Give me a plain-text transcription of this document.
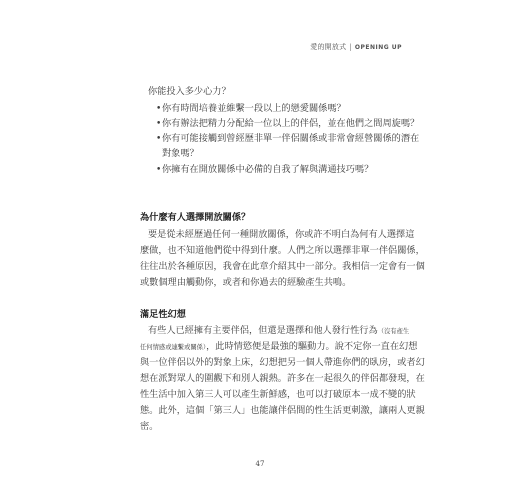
愛的開放式 | OPENING UP
你能投入多少心力？
•你有時間培養並維繫一段以上的戀愛關係嗎？
•你有辦法把精力分配給一位以上的伴侶，並在他們之間周旋嗎？
•你有可能接觸到曾經歷非單一伴侶關係或非常會經營關係的潛在
對象嗎？
•你擁有在開放關係中必備的自我了解與溝通技巧嗎？
為什麼有人選擇開放關係？
要是從未經歷過任何一種開放關係，你或許不明白為何有人選擇這
麼做，也不知道他們從中得到什麼。人們之所以選擇非單一伴侶關係，
往往出於各種原因，我會在此章介紹其中一部分。我相信一定會有一個
或數個理由觸動你，或者和你過去的經驗產生共鳴。
滿足性幻想
有些人已經擁有主要伴侶，但還是選擇和他人發行性行為（沒有產生
任何情感或連繫或關係），此時情慾便是最強的驅動力。說不定你一直在幻想
與一位伴侶以外的對象上床，幻想把另一個人帶進你們的臥房，或者幻
想在派對眾人的圍觀下和別人親熱。許多在一起很久的伴侶都發現，在
性生活中加入第三人可以產生新鮮感，也可以打破原本一成不變的狀
態。此外，這個「第三人」也能讓伴侶間的性生活更刺激，讓兩人更親
密。
47
